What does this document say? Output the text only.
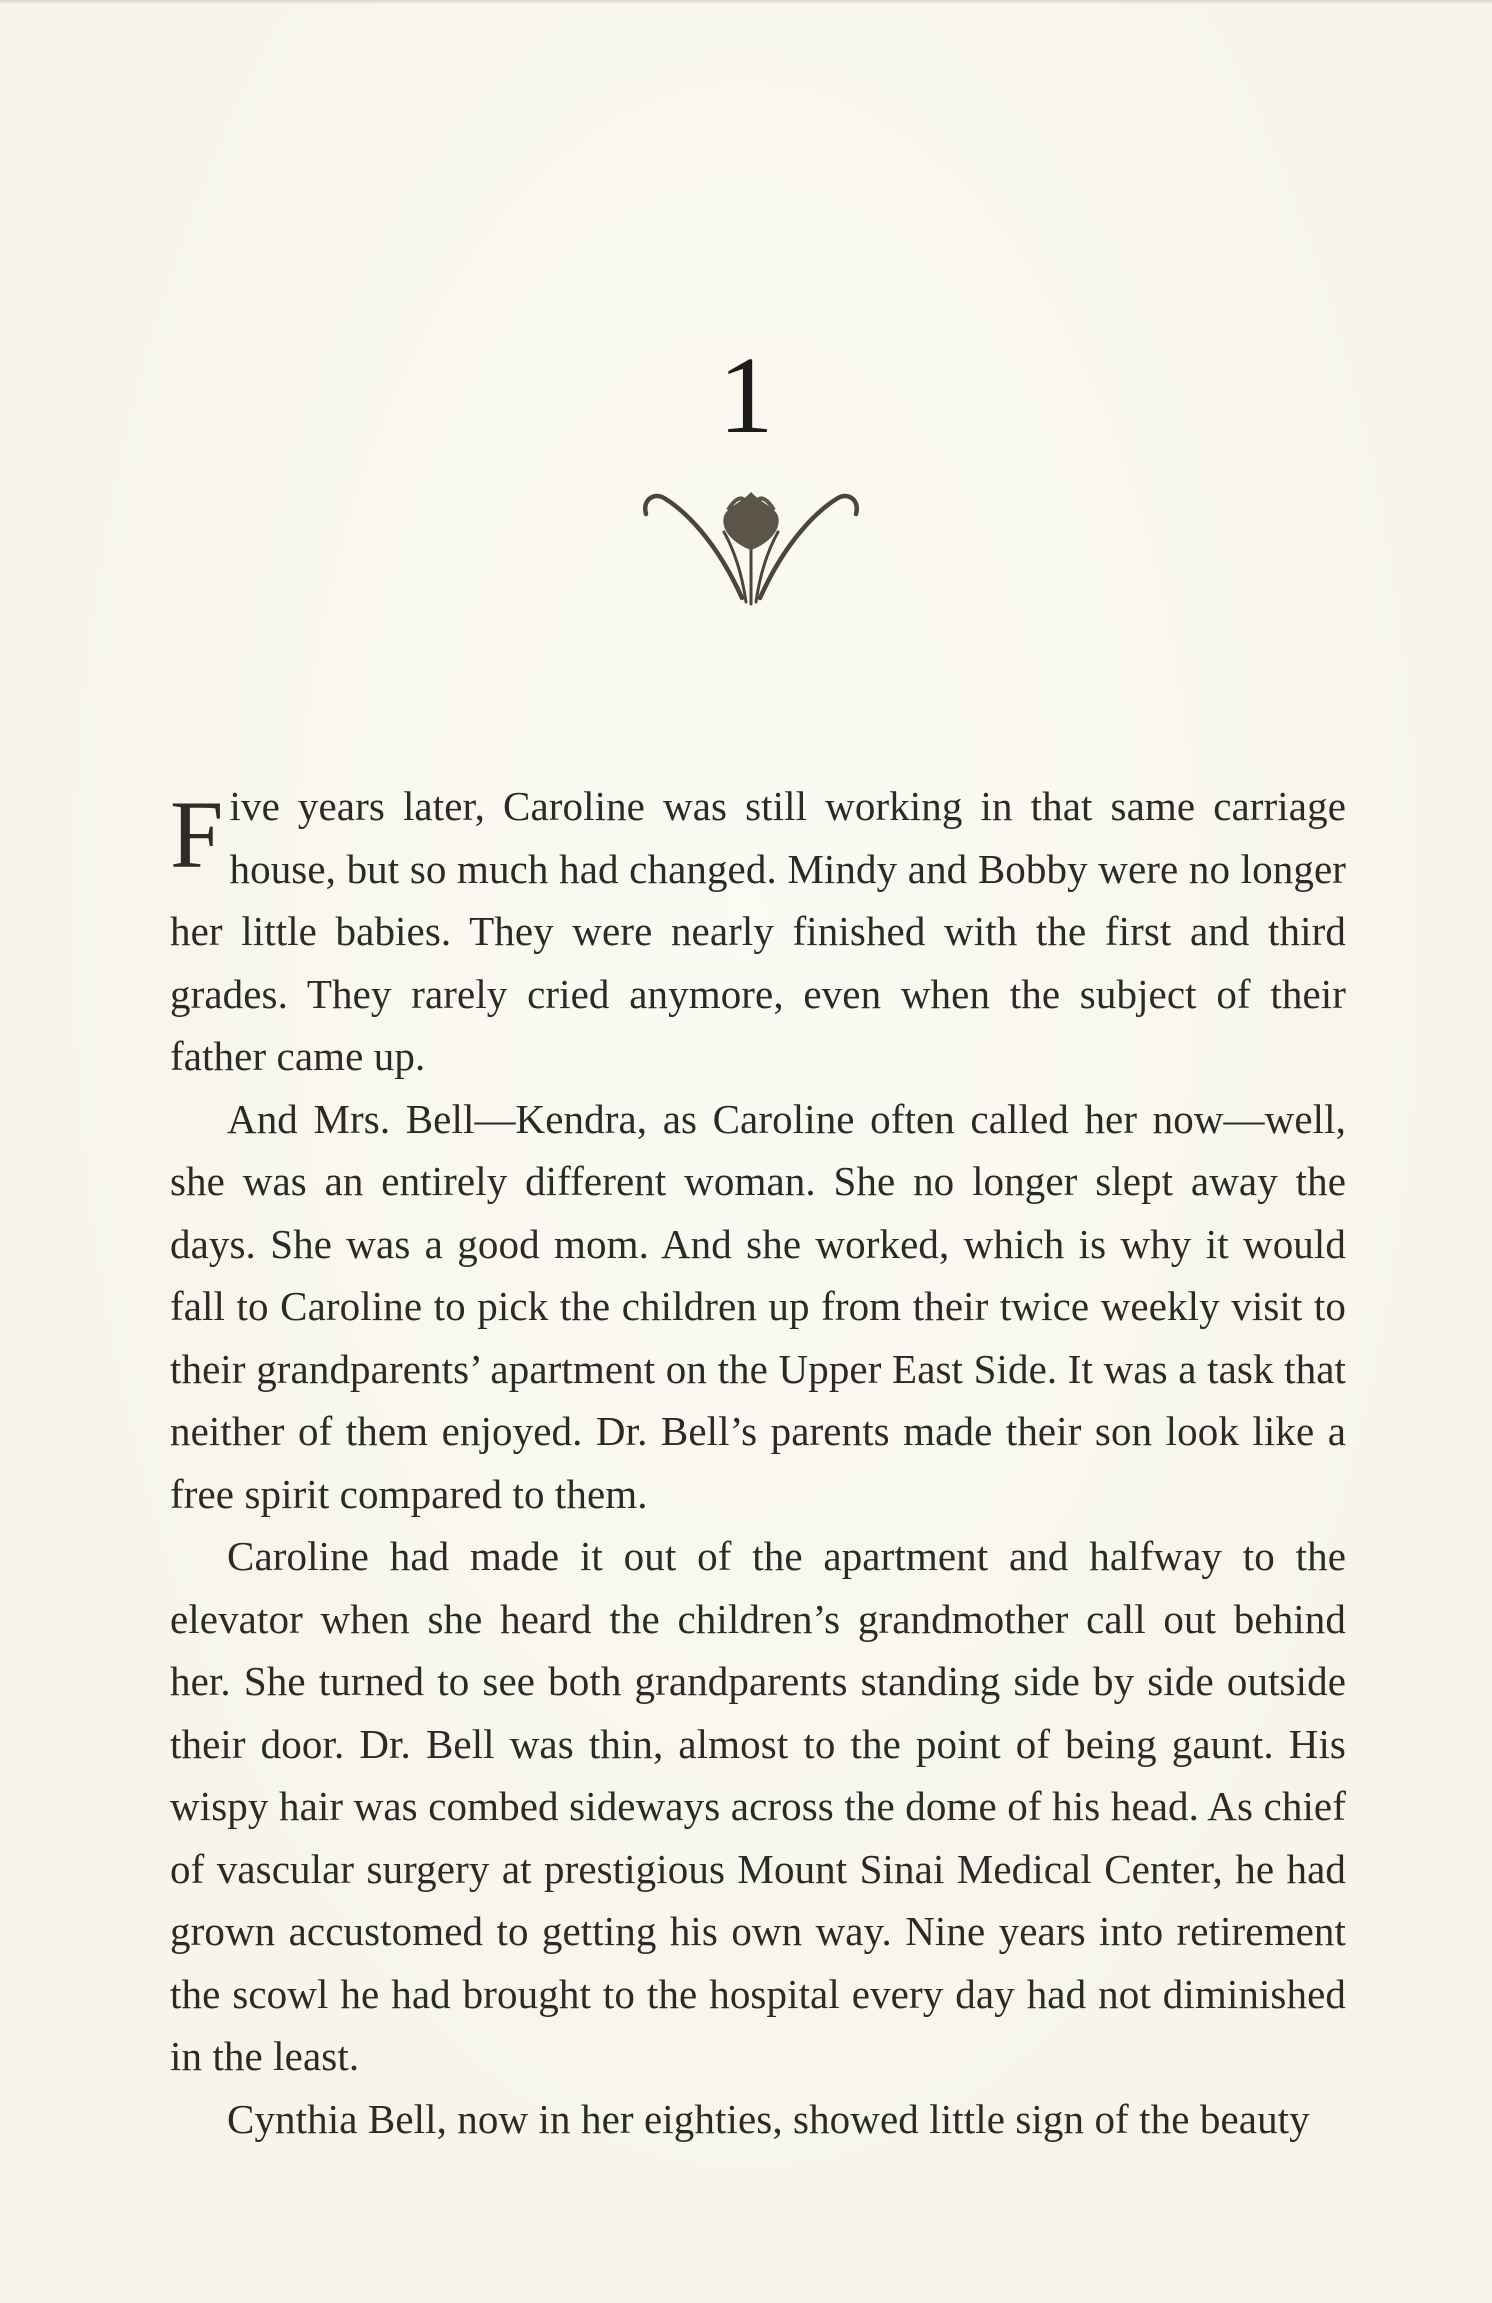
1

Five years later, Caroline was still working in that same carriage house, but so much had changed. Mindy and Bobby were no longer her little babies. They were nearly finished with the first and third grades. They rarely cried anymore, even when the subject of their father came up.

And Mrs. Bell—Kendra, as Caroline often called her now—well, she was an entirely different woman. She no longer slept away the days. She was a good mom. And she worked, which is why it would fall to Caroline to pick the children up from their twice weekly visit to their grandparents’ apartment on the Upper East Side. It was a task that neither of them enjoyed. Dr. Bell’s parents made their son look like a free spirit compared to them.

Caroline had made it out of the apartment and halfway to the elevator when she heard the children’s grandmother call out behind her. She turned to see both grandparents standing side by side outside their door. Dr. Bell was thin, almost to the point of being gaunt. His wispy hair was combed sideways across the dome of his head. As chief of vascular surgery at prestigious Mount Sinai Medical Center, he had grown accustomed to getting his own way. Nine years into retirement the scowl he had brought to the hospital every day had not diminished in the least.

Cynthia Bell, now in her eighties, showed little sign of the beauty
